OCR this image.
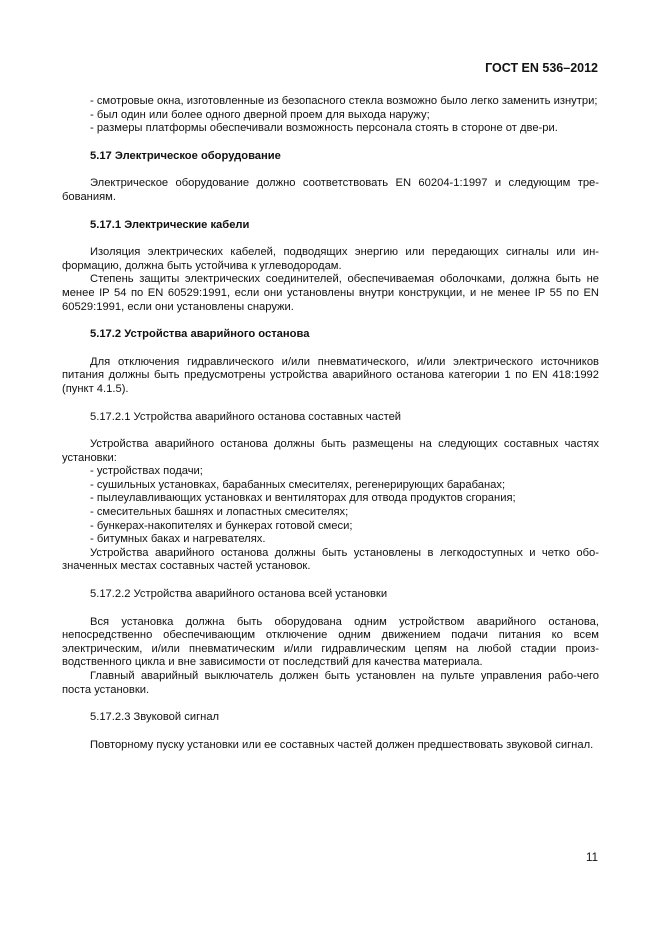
ГОСТ EN 536–2012

- смотровые окна, изготовленные из безопасного стекла возможно было легко заменить изнутри;

- был один или более одного дверной проем для выхода наружу;

- размеры платформы обеспечивали возможность персонала стоять в стороне от две-ри.

5.17 Электрическое оборудование

Электрическое оборудование должно соответствовать EN 60204-1:1997 и следующим тре-бованиям.

5.17.1 Электрические кабели

Изоляция электрических кабелей, подводящих энергию или передающих сигналы или ин-формацию, должна быть устойчива к углеводородам.

Степень защиты электрических соединителей, обеспечиваемая оболочками, должна быть не менее IP 54 по EN 60529:1991, если они установлены внутри конструкции, и не менее IP 55 по EN 60529:1991, если они установлены снаружи.

5.17.2 Устройства аварийного останова

Для отключения гидравлического и/или пневматического, и/или электрического источников питания должны быть предусмотрены устройства аварийного останова категории 1 по EN 418:1992 (пункт 4.1.5).

5.17.2.1 Устройства аварийного останова составных частей

Устройства аварийного останова должны быть размещены на следующих составных частях установки:

- устройствах подачи;

- сушильных установках, барабанных смесителях, регенерирующих барабанах;

- пылеулавливающих установках и вентиляторах для отвода продуктов сгорания;

- смесительных башнях и лопастных смесителях;

- бункерах-накопителях и бункерах готовой смеси;

- битумных баках и нагревателях.

Устройства аварийного останова должны быть установлены в легкодоступных и четко обо-значенных местах составных частей установок.

5.17.2.2 Устройства аварийного останова всей установки

Вся установка должна быть оборудована одним устройством аварийного останова, непосредственно обеспечивающим отключение одним движением подачи питания ко всем электрическим, и/или пневматическим и/или гидравлическим цепям на любой стадии произ-водственного цикла и вне зависимости от последствий для качества материала.

Главный аварийный выключатель должен быть установлен на пульте управления рабо-чего поста установки.

5.17.2.3 Звуковой сигнал

Повторному пуску установки или ее составных частей должен предшествовать звуковой сигнал.

11
